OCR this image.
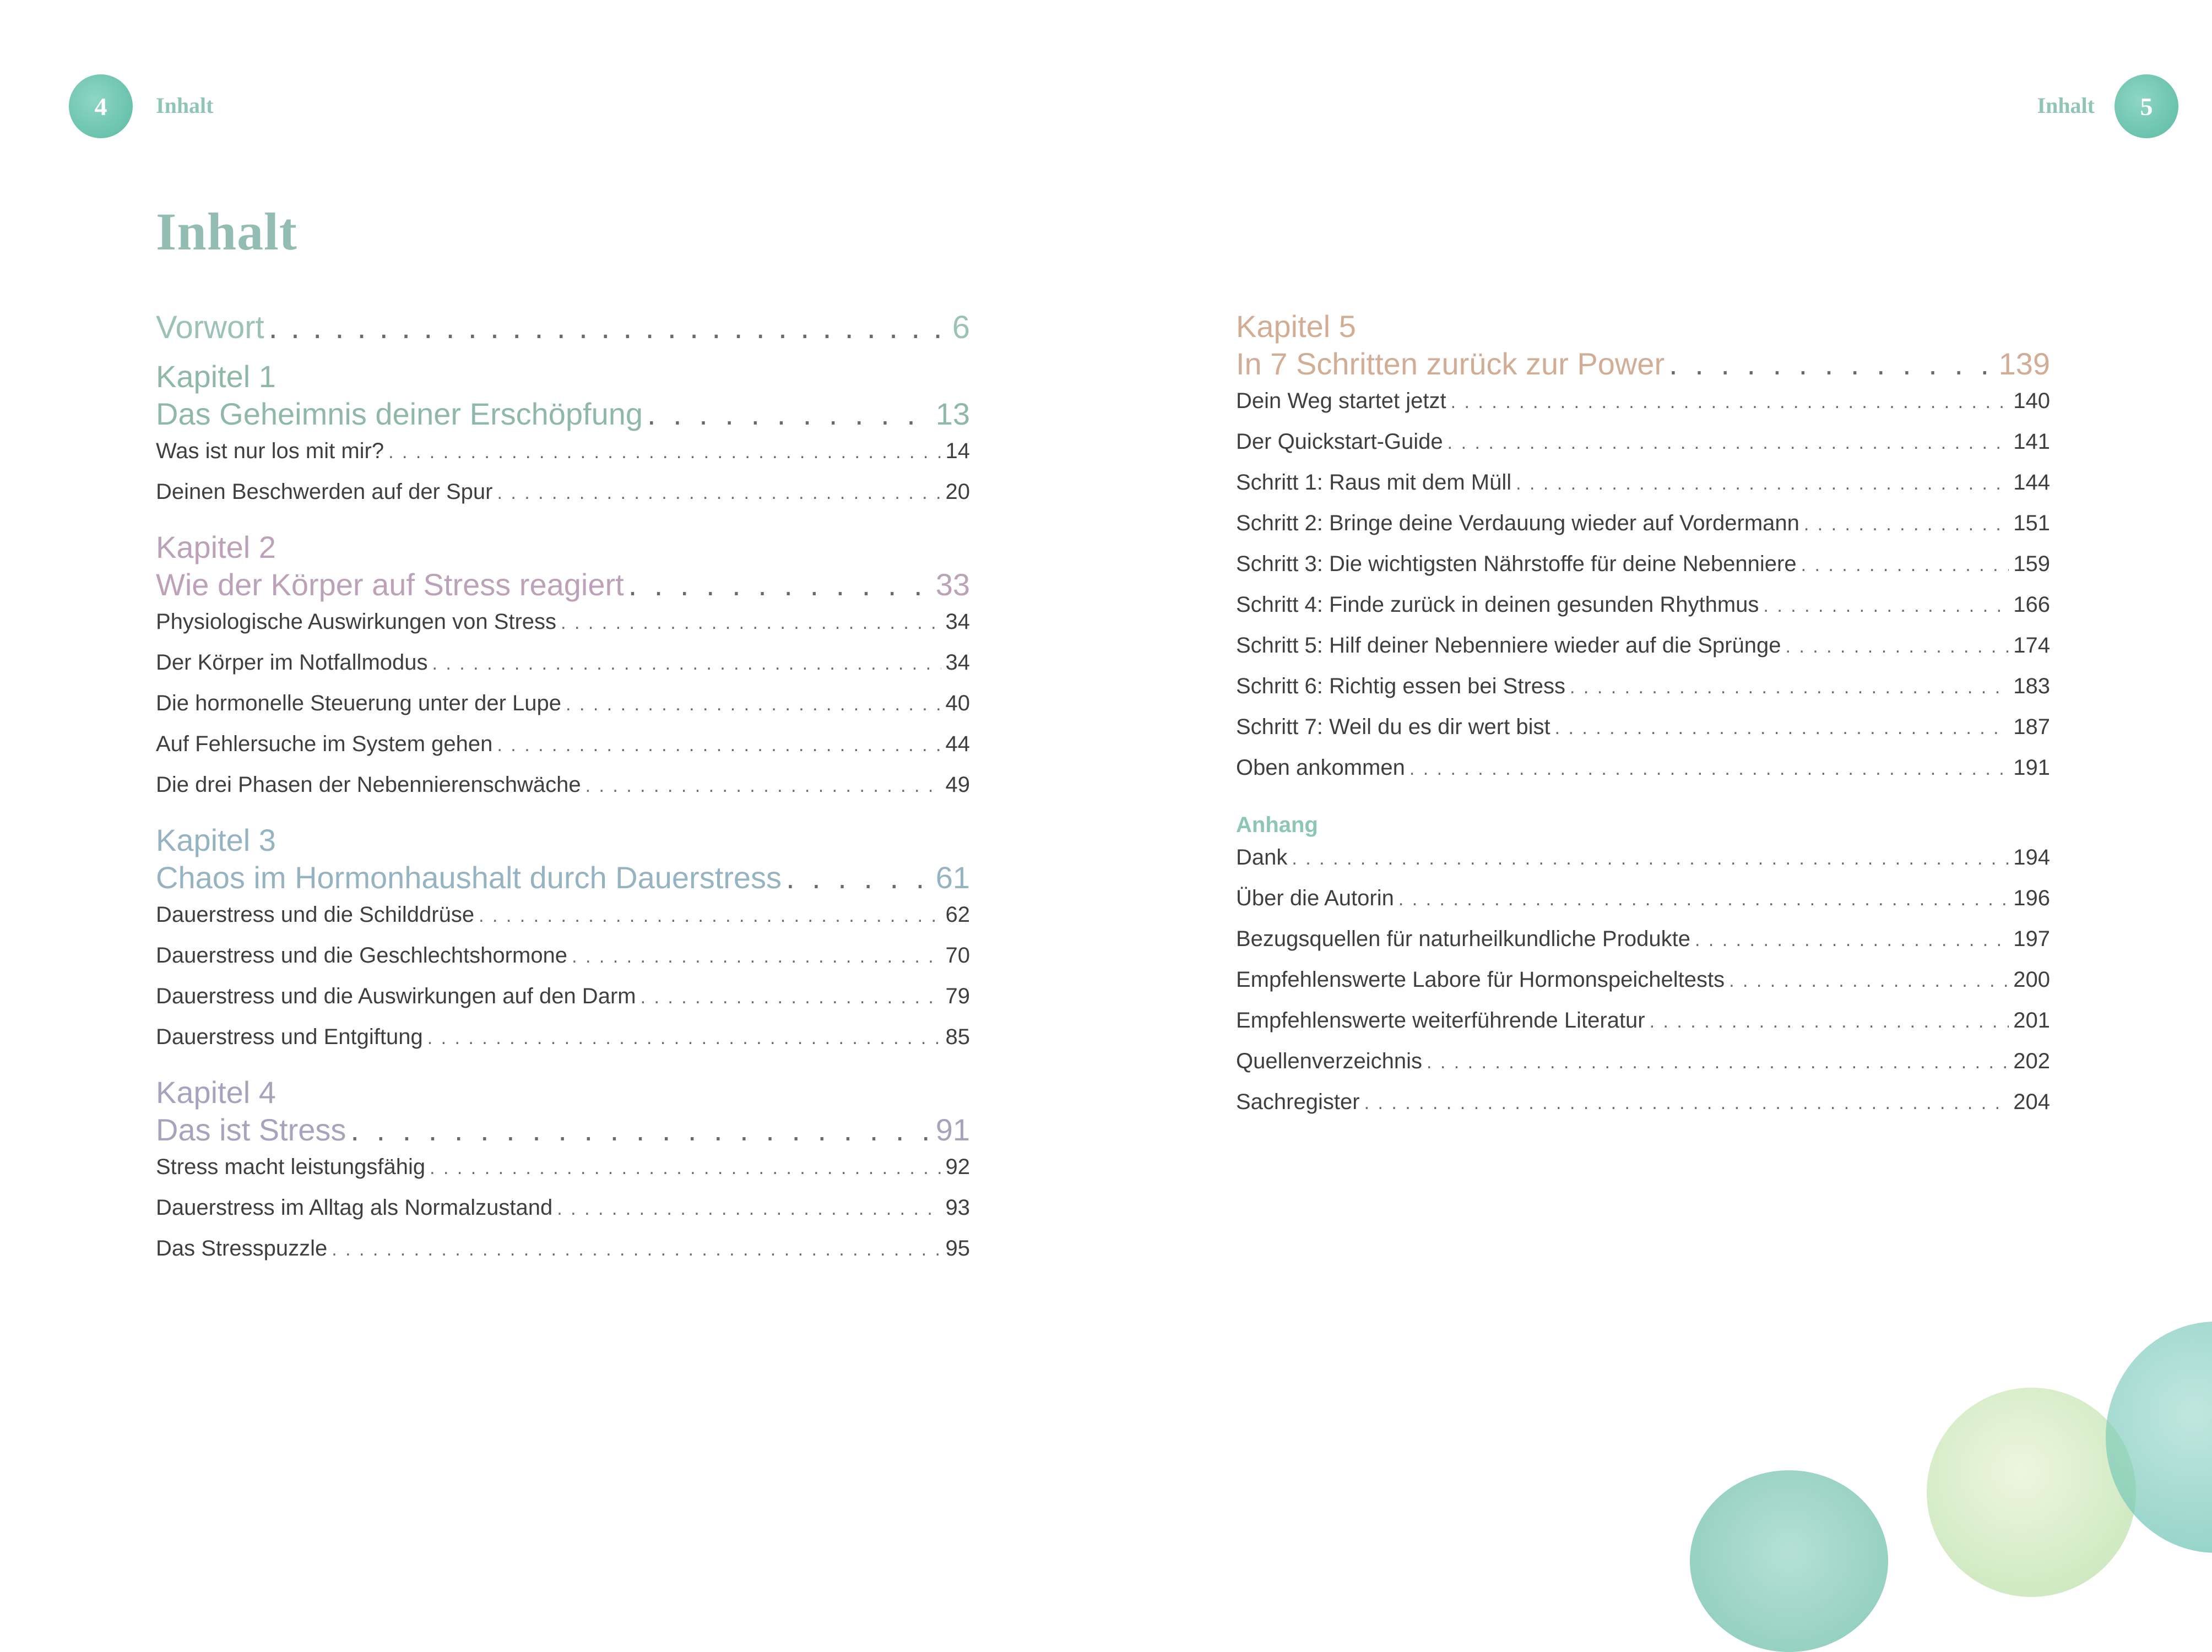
4	Inhalt
Inhalt
Vorwort . . .	6
Kapitel 1
Das Geheimnis deiner Erschöpfung . . .	13
Was ist nur los mit mir? . . .	14
Deinen Beschwerden auf der Spur . . .	20
Kapitel 2
Wie der Körper auf Stress reagiert . . .	33
Physiologische Auswirkungen von Stress . . .	34
Der Körper im Notfallmodus . . .	34
Die hormonelle Steuerung unter der Lupe . . .	40
Auf Fehlersuche im System gehen . . .	44
Die drei Phasen der Nebennierenschwäche . . .	49
Kapitel 3
Chaos im Hormonhaushalt durch Dauerstress . . .	61
Dauerstress und die Schilddrüse . . .	62
Dauerstress und die Geschlechtshormone . . .	70
Dauerstress und die Auswirkungen auf den Darm . . .	79
Dauerstress und Entgiftung . . .	85
Kapitel 4
Das ist Stress . . .	91
Stress macht leistungsfähig . . .	92
Dauerstress im Alltag als Normalzustand . . .	93
Das Stresspuzzle . . .	95
Inhalt	5
Kapitel 5
In 7 Schritten zurück zur Power . . .	139
Dein Weg startet jetzt . . .	140
Der Quickstart-Guide . . .	141
Schritt 1: Raus mit dem Müll . . .	144
Schritt 2: Bringe deine Verdauung wieder auf Vordermann . . .	151
Schritt 3: Die wichtigsten Nährstoffe für deine Nebenniere . . .	159
Schritt 4: Finde zurück in deinen gesunden Rhythmus . . .	166
Schritt 5: Hilf deiner Nebenniere wieder auf die Sprünge . . .	174
Schritt 6: Richtig essen bei Stress . . .	183
Schritt 7: Weil du es dir wert bist . . .	187
Oben ankommen . . .	191
Anhang
Dank . . .	194
Über die Autorin . . .	196
Bezugsquellen für naturheilkundliche Produkte . . .	197
Empfehlenswerte Labore für Hormonspeicheltests . . .	200
Empfehlenswerte weiterführende Literatur . . .	201
Quellenverzeichnis . . .	202
Sachregister . . .	204
